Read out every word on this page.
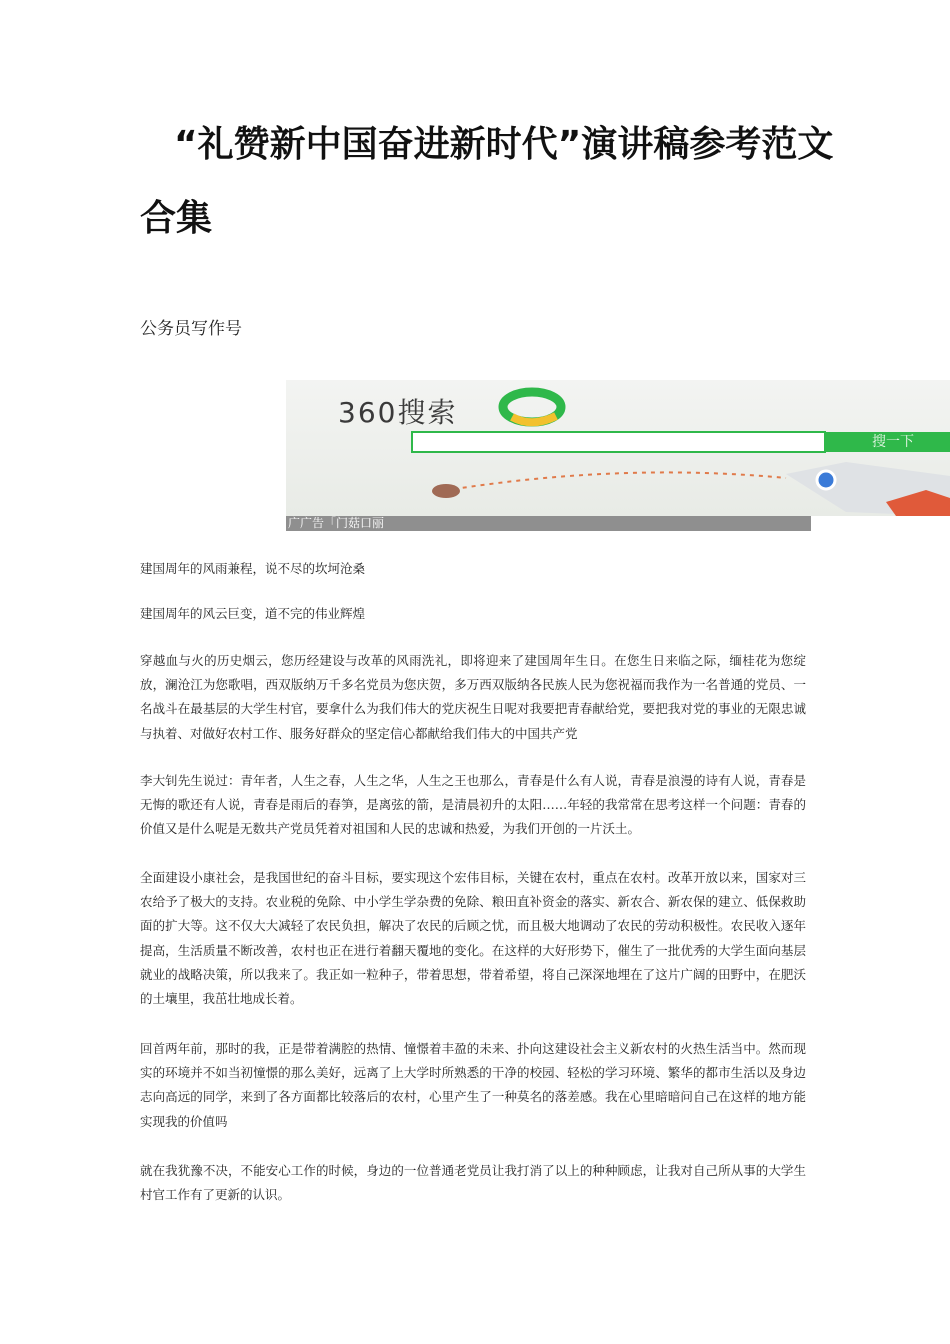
“礼赞新中国奋进新时代”演讲稿参考范文合集
公务员写作号
360搜索
搜一下
广广告「门菇口丽

建国周年的风雨兼程，说不尽的坎坷沧桑

建国周年的风云巨变，道不完的伟业辉煌

穿越血与火的历史烟云，您历经建设与改革的风雨洗礼，即将迎来了建国周年生日。在您生日来临之际，缅桂花为您绽放，澜沧江为您歌唱，西双版纳万千多名党员为您庆贺，多万西双版纳各民族人民为您祝福而我作为一名普通的党员、一名战斗在最基层的大学生村官，要拿什么为我们伟大的党庆祝生日呢对我要把青春献给党，要把我对党的事业的无限忠诚与执着、对做好农村工作、服务好群众的坚定信心都献给我们伟大的中国共产党

李大钊先生说过：青年者，人生之春，人生之华，人生之王也那么，青春是什么有人说，青春是浪漫的诗有人说，青春是无悔的歌还有人说，青春是雨后的春笋，是离弦的箭，是清晨初升的太阳……年轻的我常常在思考这样一个问题：青春的价值又是什么呢是无数共产党员凭着对祖国和人民的忠诚和热爱，为我们开创的一片沃土。

全面建设小康社会，是我国世纪的奋斗目标，要实现这个宏伟目标，关键在农村，重点在农村。改革开放以来，国家对三农给予了极大的支持。农业税的免除、中小学生学杂费的免除、粮田直补资金的落实、新农合、新农保的建立、低保救助面的扩大等。这不仅大大减轻了农民负担，解决了农民的后顾之忧，而且极大地调动了农民的劳动积极性。农民收入逐年提高，生活质量不断改善，农村也正在进行着翻天覆地的变化。在这样的大好形势下，催生了一批优秀的大学生面向基层就业的战略决策，所以我来了。我正如一粒种子，带着思想，带着希望，将自己深深地埋在了这片广阔的田野中，在肥沃的土壤里，我茁壮地成长着。

回首两年前，那时的我，正是带着满腔的热情、憧憬着丰盈的未来、扑向这建设社会主义新农村的火热生活当中。然而现实的环境并不如当初憧憬的那么美好，远离了上大学时所熟悉的干净的校园、轻松的学习环境、繁华的都市生活以及身边志向高远的同学，来到了各方面都比较落后的农村，心里产生了一种莫名的落差感。我在心里暗暗问自己在这样的地方能实现我的价值吗

就在我犹豫不决，不能安心工作的时候，身边的一位普通老党员让我打消了以上的种种顾虑，让我对自己所从事的大学生村官工作有了更新的认识。
